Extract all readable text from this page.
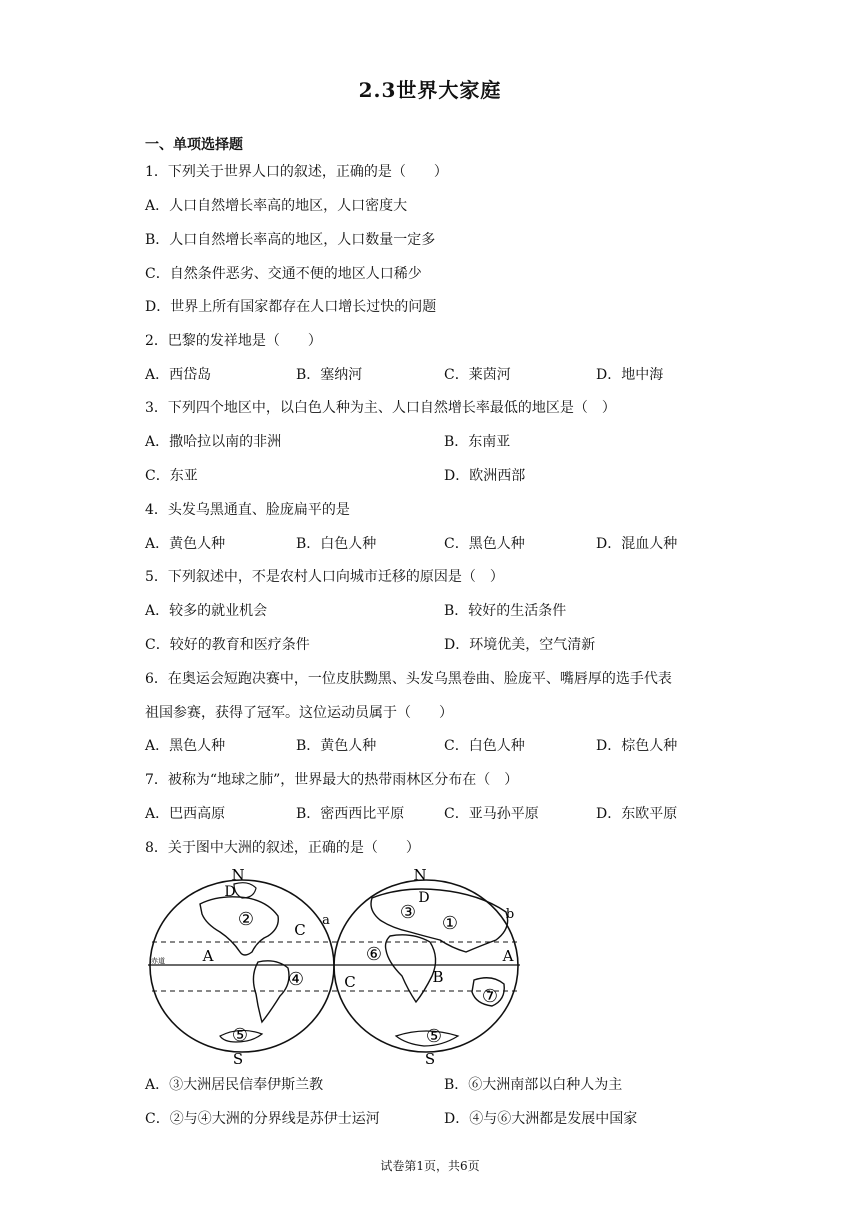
2.3世界大家庭
一、单项选择题
1．下列关于世界人口的叙述，正确的是（　　）
A．人口自然增长率高的地区，人口密度大
B．人口自然增长率高的地区，人口数量一定多
C．自然条件恶劣、交通不便的地区人口稀少
D．世界上所有国家都存在人口增长过快的问题
2．巴黎的发祥地是（　　）
A．西岱岛	B．塞纳河	C．莱茵河	D．地中海
3．下列四个地区中，以白色人种为主、人口自然增长率最低的地区是（　）
A．撒哈拉以南的非洲	B．东南亚
C．东亚	D．欧洲西部
4．头发乌黑通直、脸庞扁平的是
A．黄色人种	B．白色人种	C．黑色人种	D．混血人种
5．下列叙述中，不是农村人口向城市迁移的原因是（　）
A．较多的就业机会	B．较好的生活条件
C．较好的教育和医疗条件	D．环境优美，空气清新
6．在奥运会短跑决赛中，一位皮肤黝黑、头发乌黑卷曲、脸庞平、嘴唇厚的选手代表
祖国参赛，获得了冠军。这位运动员属于（　　）
A．黑色人种	B．黄色人种	C．白色人种	D．棕色人种
7．被称为“地球之肺”，世界最大的热带雨林区分布在（　）
A．巴西高原	B．密西西比平原	C．亚马孙平原	D．东欧平原
8．关于图中大洲的叙述，正确的是（　　）
N	N
S	S
D	D
a	b
C
A
C	B
A
赤道
②
④
⑤
③
①
⑥
⑦
⑤
A．③大洲居民信奉伊斯兰教	B．⑥大洲南部以白种人为主
C．②与④大洲的分界线是苏伊士运河	D．④与⑥大洲都是发展中国家
试卷第1页，共6页
